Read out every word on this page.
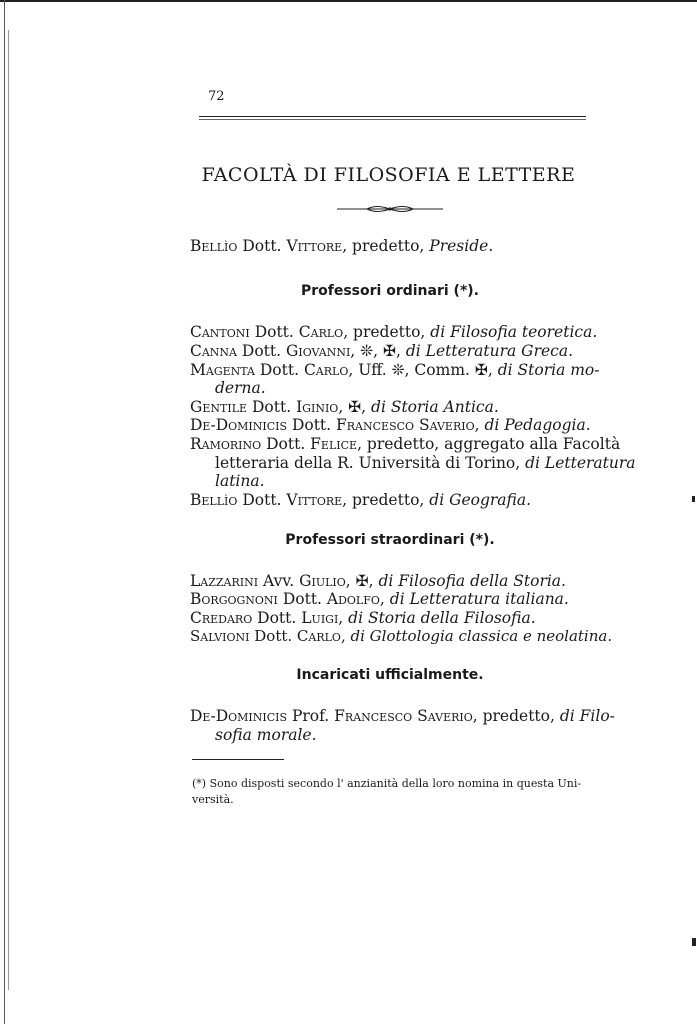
72
FACOLTÀ DI FILOSOFIA E LETTERE
Bellìo Dott. Vittore, predetto, Preside.
Professori ordinari (*).
Cantoni Dott. Carlo, predetto, di Filosofia teoretica.
Canna Dott. Giovanni, ❊, ✠, di Letteratura Greca.
Magenta Dott. Carlo, Uff. ❊, Comm. ✠, di Storia mo-
derna.
Gentile Dott. Iginio, ✠, di Storia Antica.
De-Dominicis Dott. Francesco Saverio, di Pedagogia.
Ramorino Dott. Felice, predetto, aggregato alla Facoltà
letteraria della R. Università di Torino, di Letteratura
latina.
Bellìo Dott. Vittore, predetto, di Geografia.
Professori straordinari (*).
Lazzarini Avv. Giulio, ✠, di Filosofia della Storia.
Borgognoni Dott. Adolfo, di Letteratura italiana.
Credaro Dott. Luigi, di Storia della Filosofia.
Salvioni Dott. Carlo, di Glottologia classica e neolatina.
Incaricati ufficialmente.
De-Dominicis Prof. Francesco Saverio, predetto, di Filo-
sofia morale.
(*) Sono disposti secondo l' anzianità della loro nomina in questa Uni-
versità.
